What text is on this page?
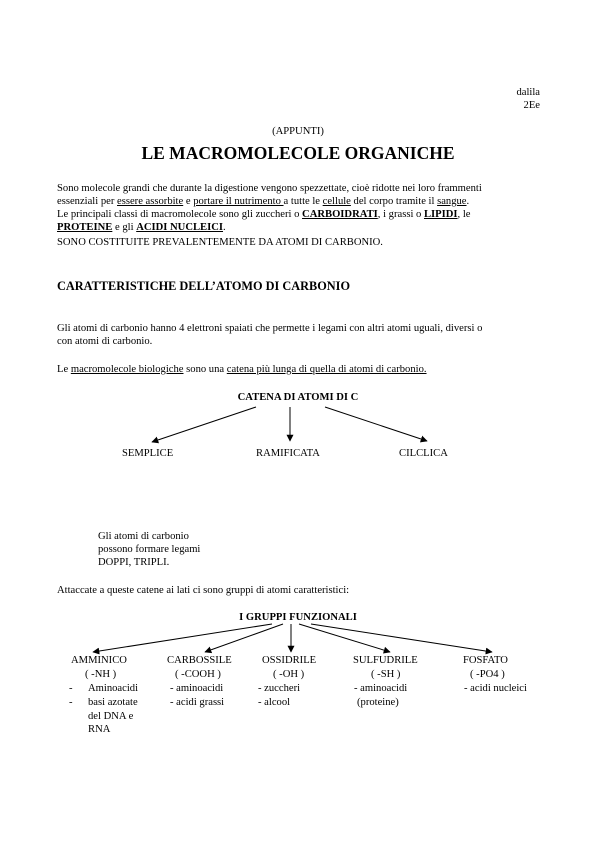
dalila
2Ee
(APPUNTI)
LE MACROMOLECOLE ORGANICHE
Sono molecole grandi che durante la digestione vengono spezzettate, cioè ridotte nei loro frammenti
essenziali per essere assorbite e portare il nutrimento a tutte le cellule del corpo tramite il sangue.
Le principali classi di macromolecole sono gli zuccheri o CARBOIDRATI, i grassi o LIPIDI, le
PROTEINE e gli ACIDI NUCLEICI.
SONO COSTITUITE PREVALENTEMENTE DA ATOMI DI CARBONIO.
CARATTERISTICHE DELL’ATOMO DI CARBONIO
Gli atomi di carbonio hanno 4 elettroni spaiati che permette i legami con altri atomi uguali, diversi o
con atomi di carbonio.
Le macromolecole biologiche sono una catena più lunga di quella di atomi di carbonio.
CATENA DI ATOMI DI C
SEMPLICE	RAMIFICATA	CILCLICA
Gli atomi di carbonio
possono formare legami
DOPPI, TRIPLI.
Attaccate a queste catene ai lati ci sono gruppi di atomi caratteristici:
I GRUPPI FUNZIONALI
AMMINICO
( -NH )
- Aminoacidi
- basi azotate
del DNA e
RNA
CARBOSSILE
( -COOH )
- aminoacidi
- acidi grassi
OSSIDRILE
( -OH )
- zuccheri
- alcool
SULFUDRILE
( -SH )
- aminoacidi
(proteine)
FOSFATO
( -PO4 )
- acidi nucleici
